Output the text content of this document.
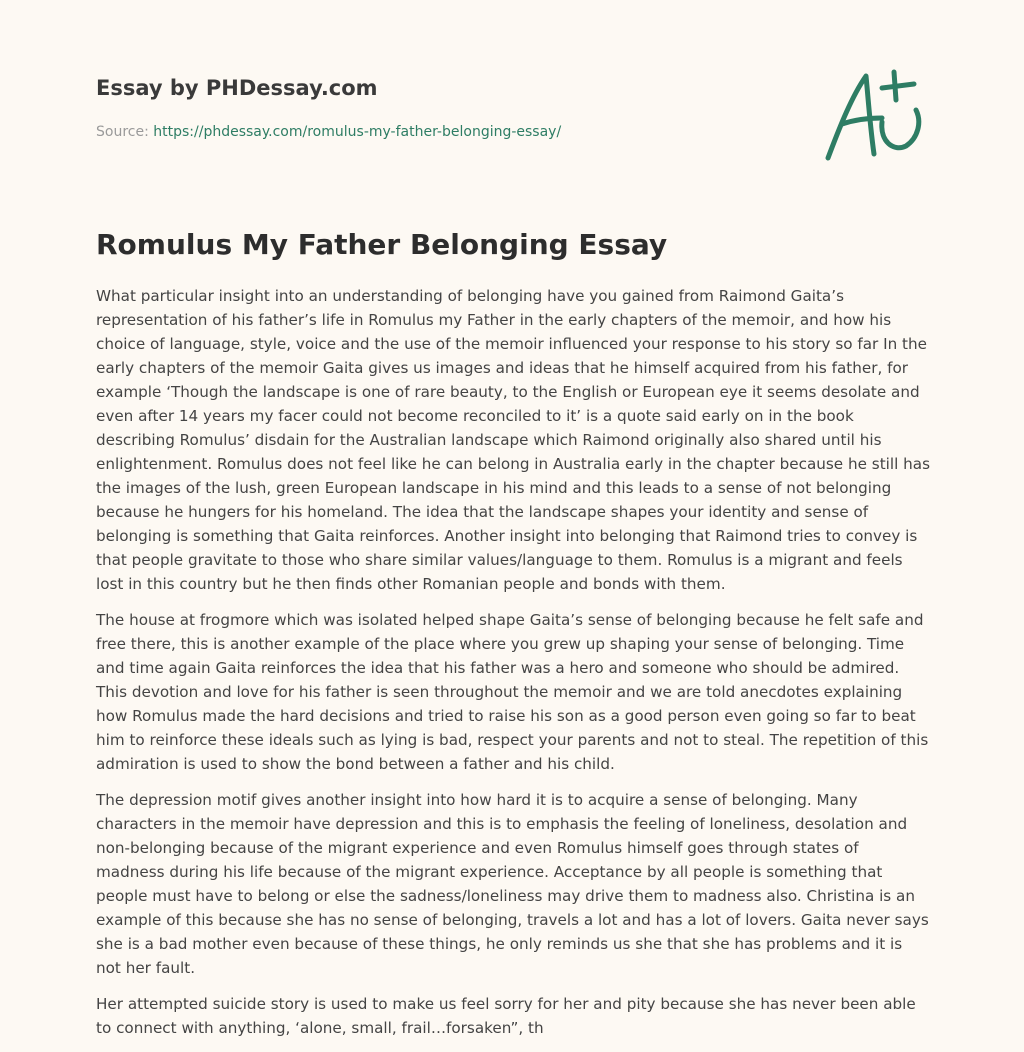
Essay by PHDessay.com
Source: https://phdessay.com/romulus-my-father-belonging-essay/
Romulus My Father Belonging Essay

What particular insight into an understanding of belonging have you gained from Raimond Gaita’s representation of his father’s life in Romulus my Father in the early chapters of the memoir, and how his choice of language, style, voice and the use of the memoir influenced your response to his story so far In the early chapters of the memoir Gaita gives us images and ideas that he himself acquired from his father, for example ‘Though the landscape is one of rare beauty, to the English or European eye it seems desolate and even after 14 years my facer could not become reconciled to it’ is a quote said early on in the book describing Romulus’ disdain for the Australian landscape which Raimond originally also shared until his enlightenment. Romulus does not feel like he can belong in Australia early in the chapter because he still has the images of the lush, green European landscape in his mind and this leads to a sense of not belonging because he hungers for his homeland. The idea that the landscape shapes your identity and sense of belonging is something that Gaita reinforces. Another insight into belonging that Raimond tries to convey is that people gravitate to those who share similar values/language to them. Romulus is a migrant and feels lost in this country but he then finds other Romanian people and bonds with them.

The house at frogmore which was isolated helped shape Gaita’s sense of belonging because he felt safe and free there, this is another example of the place where you grew up shaping your sense of belonging. Time and time again Gaita reinforces the idea that his father was a hero and someone who should be admired. This devotion and love for his father is seen throughout the memoir and we are told anecdotes explaining how Romulus made the hard decisions and tried to raise his son as a good person even going so far to beat him to reinforce these ideals such as lying is bad, respect your parents and not to steal. The repetition of this admiration is used to show the bond between a father and his child.

The depression motif gives another insight into how hard it is to acquire a sense of belonging. Many characters in the memoir have depression and this is to emphasis the feeling of loneliness, desolation and non-belonging because of the migrant experience and even Romulus himself goes through states of madness during his life because of the migrant experience. Acceptance by all people is something that people must have to belong or else the sadness/loneliness may drive them to madness also. Christina is an example of this because she has no sense of belonging, travels a lot and has a lot of lovers. Gaita never says she is a bad mother even because of these things, he only reminds us she that she has problems and it is not her fault.

Her attempted suicide story is used to make us feel sorry for her and pity because she has never been able to connect with anything, ‘alone, small, frail…forsaken”, th
